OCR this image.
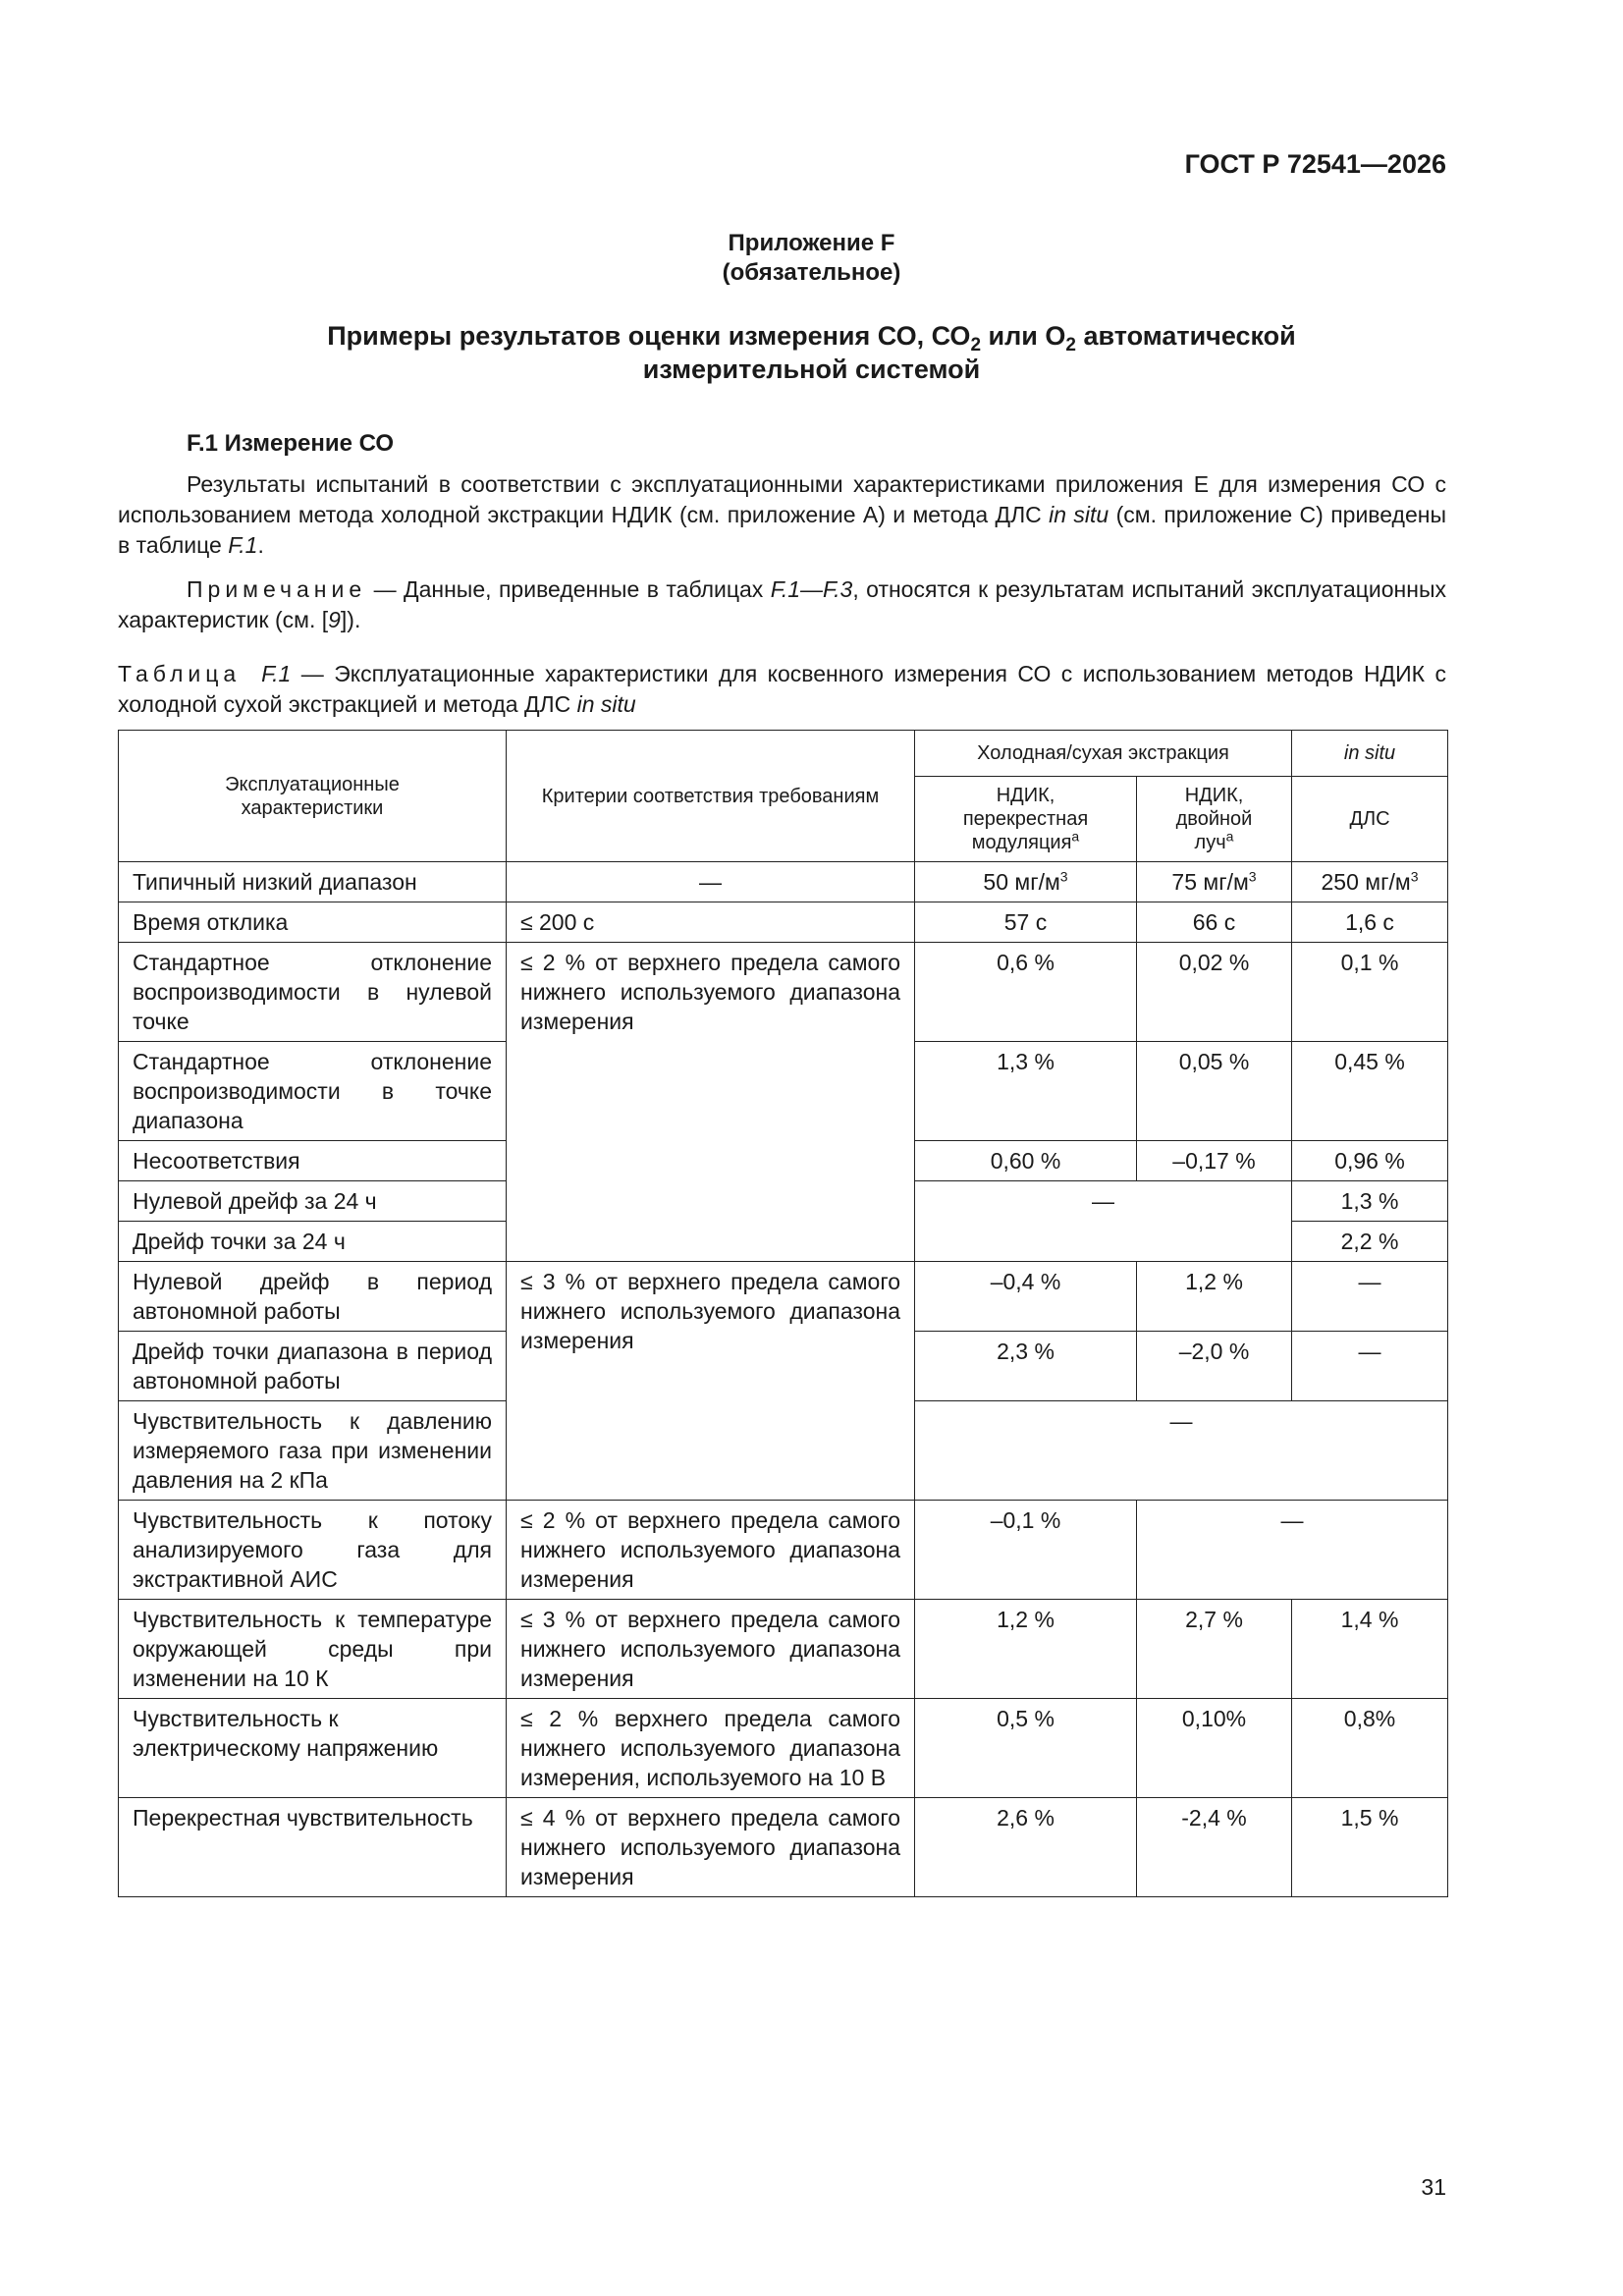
ГОСТ Р 72541—2026
Приложение F
(обязательное)
Примеры результатов оценки измерения СО, $СО_2$ или $О_2$ автоматической
измерительной системой
F.1 Измерение СО
Результаты испытаний в соответствии с эксплуатационными характеристиками приложения Е для измерения СО с использованием метода холодной экстракции НДИК (см. приложение А) и метода ДЛС in situ (см. приложение С) приведены в таблице F.1.
Примечание — Данные, приведенные в таблицах F.1—F.3, относятся к результатам испытаний эксплуатационных характеристик (см. [9]).
Таблица F.1 — Эксплуатационные характеристики для косвенного измерения СО с использованием методов НДИК с холодной сухой экстракцией и метода ДЛС in situ
Эксплуатационные характеристики	Критерии соответствия требованиям	Холодная/сухая экстракция		in situ
		НДИК, перекрестная модуляция$^a$	НДИК, двойной луч$^a$	ДЛС
Типичный низкий диапазон	—	50 $мг/м^3$	75 $мг/м^3$	250 $мг/м^3$
Время отклика	≤ 200 с	57 с	66 с	1,6 с
Стандартное отклонение воспроизводимости в нулевой точке	≤ 2 % от верхнего предела самого нижнего используемого диапазона измерения	0,6 %	0,02 %	0,1 %
Стандартное отклонение воспроизводимости в точке диапазона		1,3 %	0,05 %	0,45 %
Несоответствия		0,60 %	–0,17 %	0,96 %
Нулевой дрейф за 24 ч		—		1,3 %
Дрейф точки за 24 ч				2,2 %
Нулевой дрейф в период автономной работы	≤ 3 % от верхнего предела самого нижнего используемого диапазона измерения	–0,4 %	1,2 %	—
Дрейф точки диапазона в период автономной работы		2,3 %	–2,0 %	—
Чувствительность к давлению измеряемого газа при изменении давления на 2 кПа		—		
Чувствительность к потоку анализируемого газа для экстрактивной АИС	≤ 2 % от верхнего предела самого нижнего используемого диапазона измерения	–0,1 %	—	
Чувствительность к температуре окружающей среды при изменении на 10 К	≤ 3 % от верхнего предела самого нижнего используемого диапазона измерения	1,2 %	2,7 %	1,4 %
Чувствительность к электрическому напряжению	≤ 2 % верхнего предела самого нижнего используемого диапазона измерения, используемого на 10 В	0,5 %	0,10%	0,8%
Перекрестная чувствительность	≤ 4 % от верхнего предела самого нижнего используемого диапазона измерения	2,6 %	-2,4 %	1,5 %
31
